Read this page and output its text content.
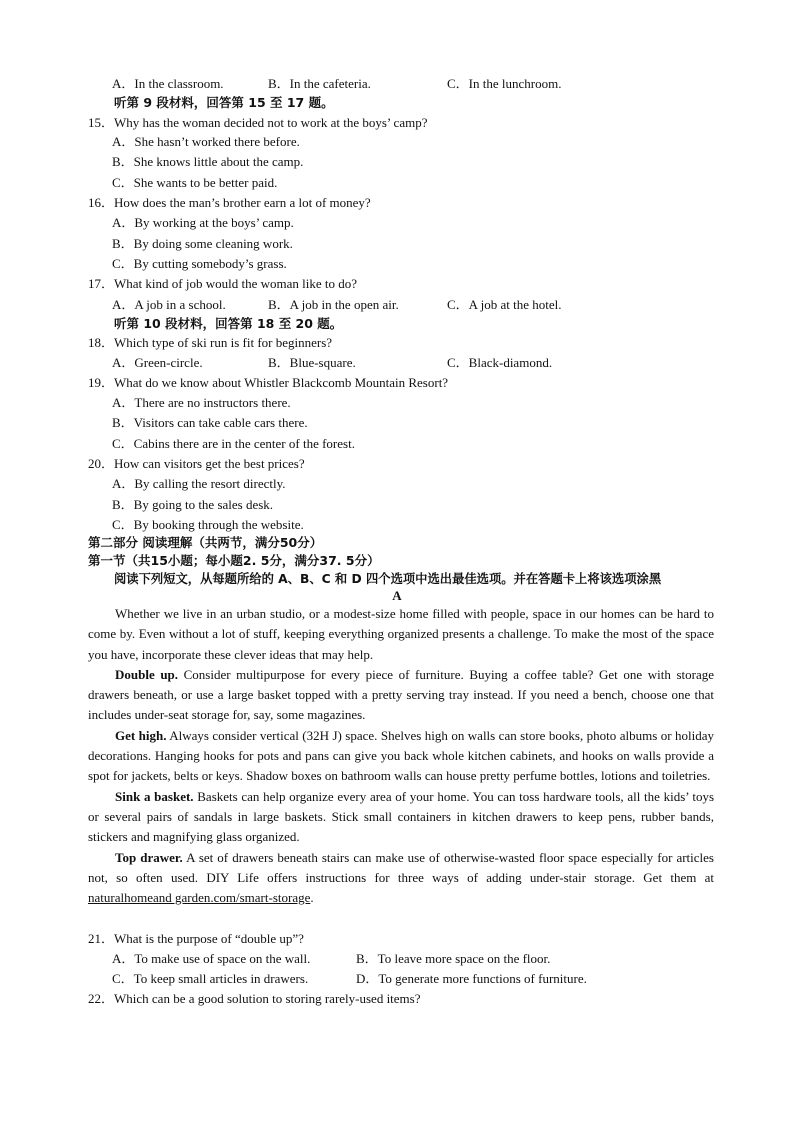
A．In the classroom.	B．In the cafeteria.	C．In the lunchroom.
听第 9 段材料，回答第 15 至 17 题。
15．Why has the woman decided not to work at the boys’ camp?
A．She hasn’t worked there before.
B．She knows little about the camp.
C．She wants to be better paid.
16．How does the man’s brother earn a lot of money?
A．By working at the boys’ camp.
B．By doing some cleaning work.
C．By cutting somebody’s grass.
17．What kind of job would the woman like to do?
A．A job in a school.	B．A job in the open air.	C．A job at the hotel.
听第 10 段材料，回答第 18 至 20 题。
18．Which type of ski run is fit for beginners?
A．Green-circle.	B．Blue-square.	C．Black-diamond.
19．What do we know about Whistler Blackcomb Mountain Resort?
A．There are no instructors there.
B．Visitors can take cable cars there.
C．Cabins there are in the center of the forest.
20．How can visitors get the best prices?
A．By calling the resort directly.
B．By going to the sales desk.
C．By booking through the website.
第二部分 阅读理解（共两节，满分50分）
第一节（共15小题；每小题2. 5分，满分37. 5分）
阅读下列短文，从每题所给的 A、B、C 和 D 四个选项中选出最佳选项。并在答题卡上将该选项涂黑
A

Whether we live in an urban studio, or a modest-size home filled with people, space in our homes can be hard to come by. Even without a lot of stuff, keeping everything organized presents a challenge. To make the most of the space you have, incorporate these clever ideas that may help.

Double up. Consider multipurpose for every piece of furniture. Buying a coffee table? Get one with storage drawers beneath, or use a large basket topped with a pretty serving tray instead. If you need a bench, choose one that includes under-seat storage for, say, some magazines.

Get high. Always consider vertical (32H J) space. Shelves high on walls can store books, photo albums or holiday decorations. Hanging hooks for pots and pans can give you back whole kitchen cabinets, and hooks on walls provide a spot for jackets, belts or keys. Shadow boxes on bathroom walls can house pretty perfume bottles, lotions and toiletries.

Sink a basket. Baskets can help organize every area of your home. You can toss hardware tools, all the kids’ toys or several pairs of sandals in large baskets. Stick small containers in kitchen drawers to keep pens, rubber bands, stickers and magnifying glass organized.

Top drawer. A set of drawers beneath stairs can make use of otherwise-wasted floor space especially for articles not, so often used. DIY Life offers instructions for three ways of adding under-stair storage. Get them at naturalhomeand garden.com/smart-storage.

21．What is the purpose of “double up”?
A．To make use of space on the wall.	B．To leave more space on the floor.
C．To keep small articles in drawers.	D．To generate more functions of furniture.
22．Which can be a good solution to storing rarely-used items?
